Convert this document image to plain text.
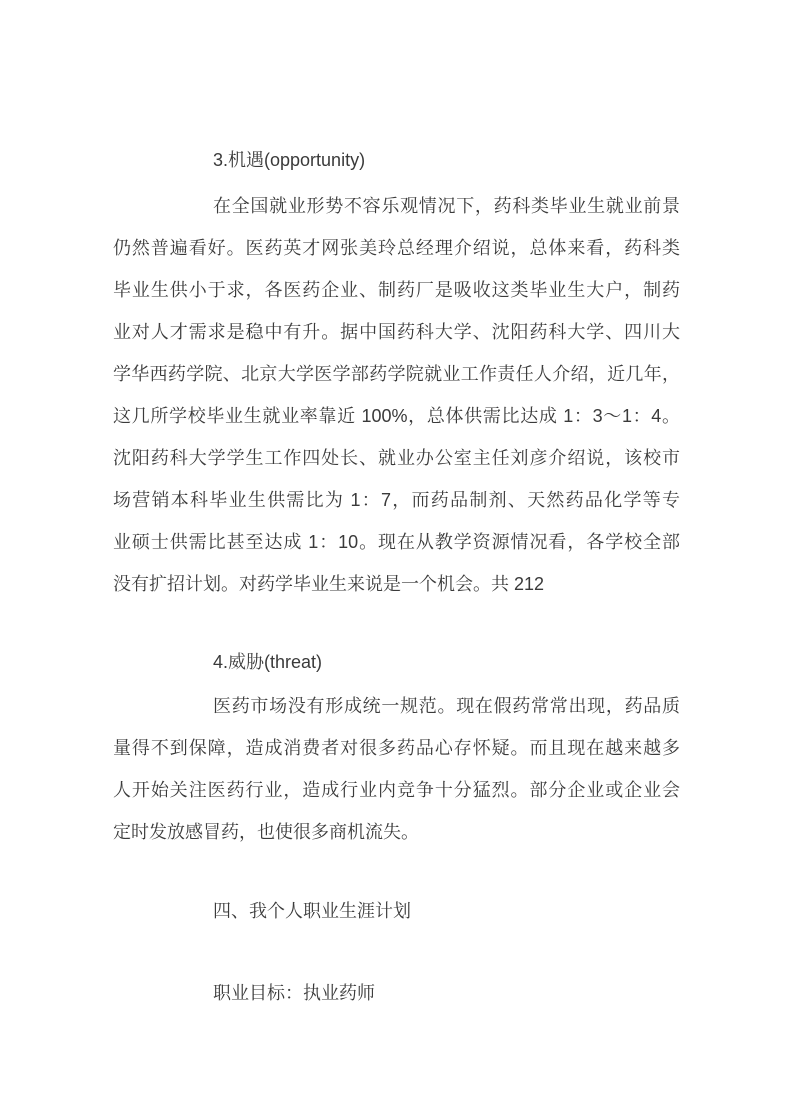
3.机遇(opportunity)
在全国就业形势不容乐观情况下，药科类毕业生就业前景
仍然普遍看好。医药英才网张美玲总经理介绍说，总体来看，药科类
毕业生供小于求，各医药企业、制药厂是吸收这类毕业生大户，制药
业对人才需求是稳中有升。据中国药科大学、沈阳药科大学、四川大
学华西药学院、北京大学医学部药学院就业工作责任人介绍，近几年，
这几所学校毕业生就业率靠近 100%，总体供需比达成 1：3～1：4。
沈阳药科大学学生工作四处长、就业办公室主任刘彦介绍说，该校市
场营销本科毕业生供需比为 1：7，而药品制剂、天然药品化学等专
业硕士供需比甚至达成 1：10。现在从教学资源情况看，各学校全部
没有扩招计划。对药学毕业生来说是一个机会。共 212
4.威胁(threat)
医药市场没有形成统一规范。现在假药常常出现，药品质
量得不到保障，造成消费者对很多药品心存怀疑。而且现在越来越多
人开始关注医药行业，造成行业内竞争十分猛烈。部分企业或企业会
定时发放感冒药，也使很多商机流失。
四、我个人职业生涯计划
职业目标：执业药师
